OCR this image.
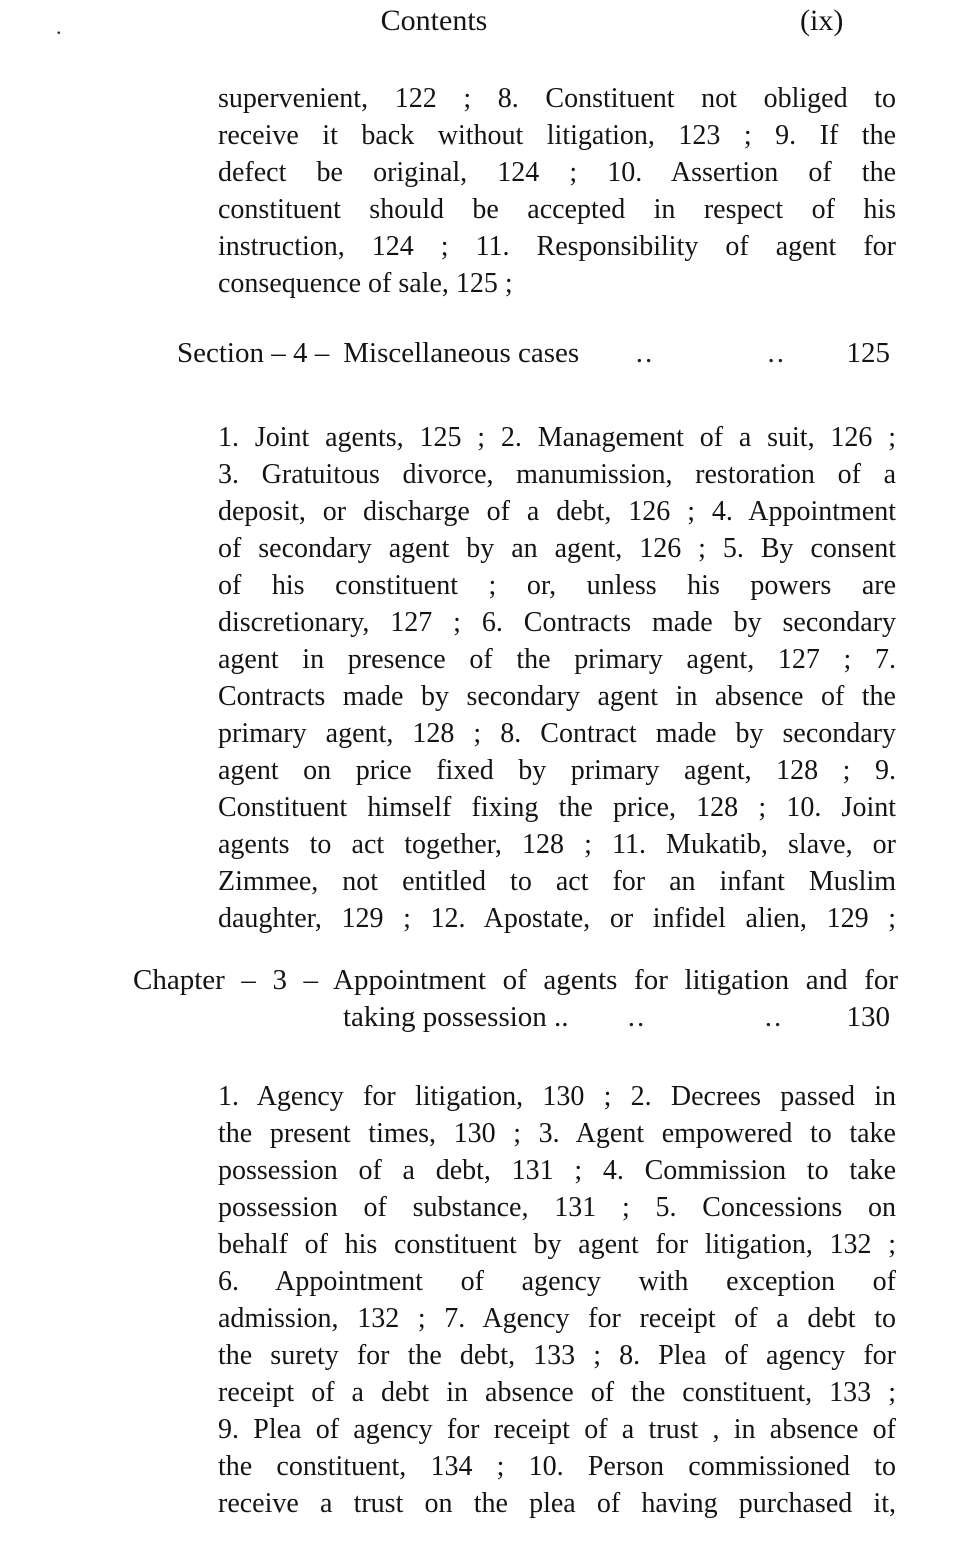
.	Contents	(ix)
supervenient, 122 ; 8. Constituent not obliged to
receive it back without litigation, 123 ; 9. If the
defect be original, 124 ; 10. Assertion of the
constituent should be accepted in respect of his
instruction, 124 ; 11. Responsibility of agent for
consequence of sale, 125 ;
Section – 4 – Miscellaneous cases	..	..	125
1. Joint agents, 125 ; 2. Management of a suit, 126 ;
3. Gratuitous divorce, manumission, restoration of a
deposit, or discharge of a debt, 126 ; 4. Appointment
of secondary agent by an agent, 126 ; 5. By consent
of his constituent ; or, unless his powers are
discretionary, 127 ; 6. Contracts made by secondary
agent in presence of the primary agent, 127 ; 7.
Contracts made by secondary agent in absence of the
primary agent, 128 ; 8. Contract made by secondary
agent on price fixed by primary agent, 128 ; 9.
Constituent himself fixing the price, 128 ; 10. Joint
agents to act together, 128 ; 11. Mukatib, slave, or
Zimmee, not entitled to act for an infant Muslim
daughter, 129 ; 12. Apostate, or infidel alien, 129 ;
Chapter – 3 – Appointment of agents for litigation and for
taking possession ..	..	..	130
1. Agency for litigation, 130 ; 2. Decrees passed in
the present times, 130 ; 3. Agent empowered to take
possession of a debt, 131 ; 4. Commission to take
possession of substance, 131 ; 5. Concessions on
behalf of his constituent by agent for litigation, 132 ;
6. Appointment of agency with exception of
admission, 132 ; 7. Agency for receipt of a debt to
the surety for the debt, 133 ; 8. Plea of agency for
receipt of a debt in absence of the constituent, 133 ;
9. Plea of agency for receipt of a trust , in absence of
the constituent, 134 ; 10. Person commissioned to
receive a trust on the plea of having purchased it,
